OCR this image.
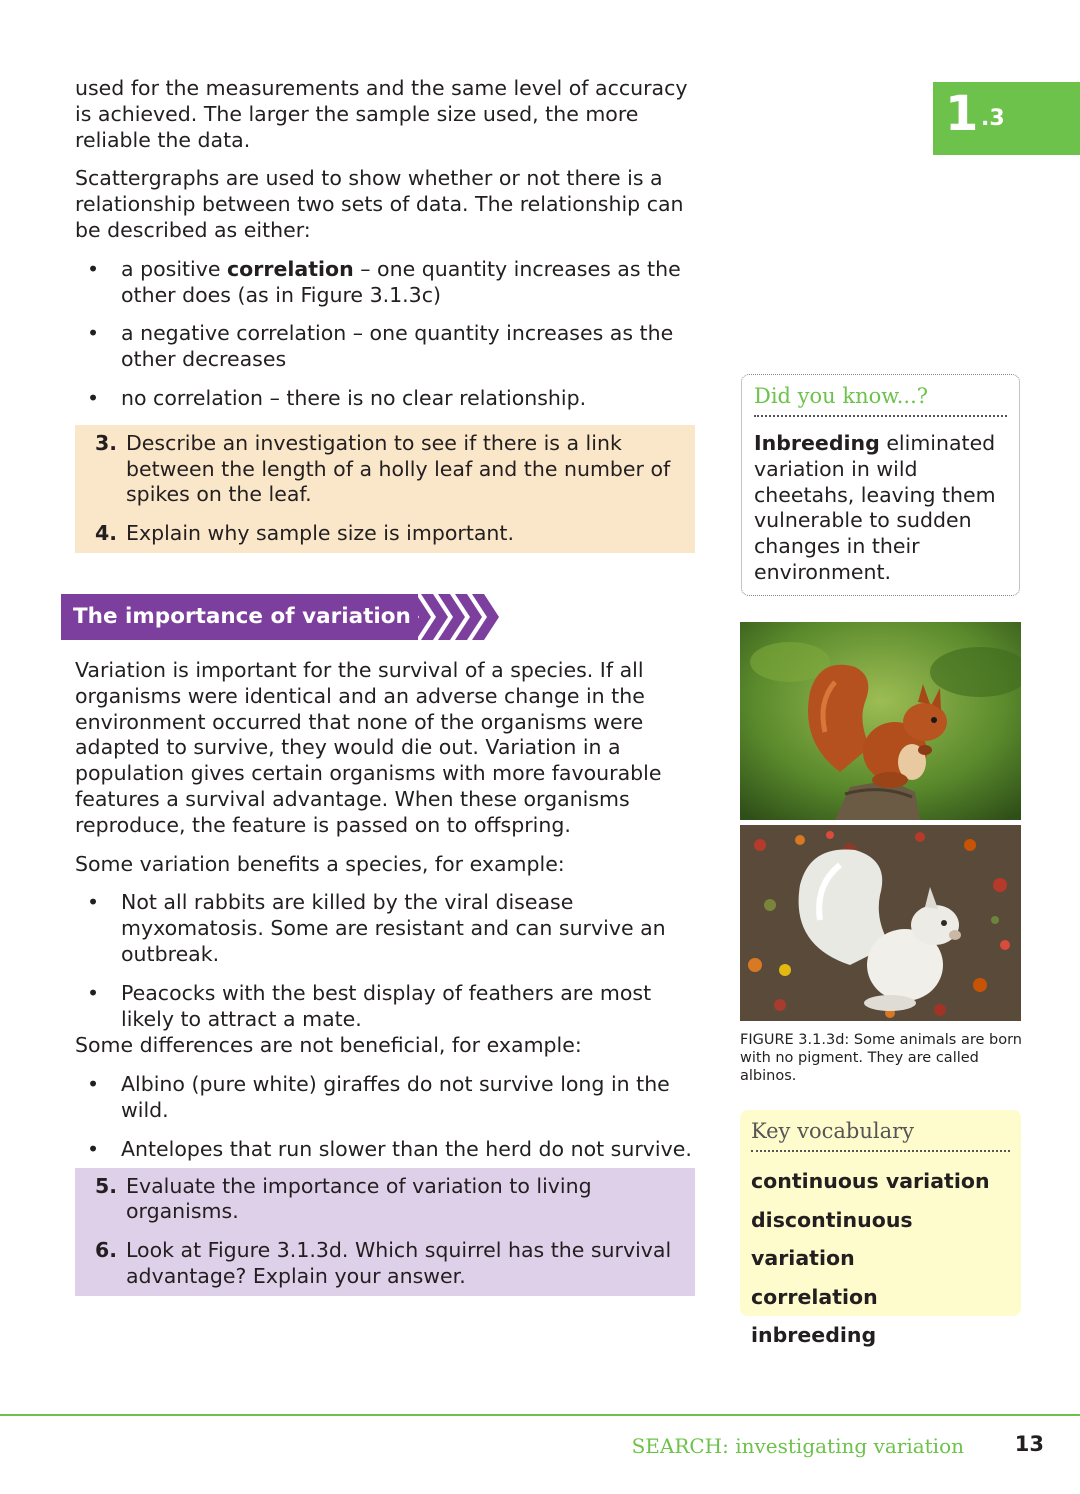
1 .3

used for the measurements and the same level of accuracy is achieved. The larger the sample size used, the more reliable the data.

Scattergraphs are used to show whether or not there is a relationship between two sets of data. The relationship can be described as either:

• a positive correlation – one quantity increases as the other does (as in Figure 3.1.3c)
• a negative correlation – one quantity increases as the other decreases
• no correlation – there is no clear relationship.
3. Describe an investigation to see if there is a link between the length of a holly leaf and the number of spikes on the leaf.
4. Explain why sample size is important.
The importance of variation

Variation is important for the survival of a species. If all organisms were identical and an adverse change in the environment occurred that none of the organisms were adapted to survive, they would die out. Variation in a population gives certain organisms with more favourable features a survival advantage. When these organisms reproduce, the feature is passed on to offspring.

Some variation benefits a species, for example:

• Not all rabbits are killed by the viral disease myxomatosis. Some are resistant and can survive an outbreak.
• Peacocks with the best display of feathers are most likely to attract a mate.

Some differences are not beneficial, for example:

• Albino (pure white) giraffes do not survive long in the wild.
• Antelopes that run slower than the herd do not survive.
5. Evaluate the importance of variation to living organisms.
6. Look at Figure 3.1.3d. Which squirrel has the survival advantage? Explain your answer.
Did you know...?
Inbreeding eliminated variation in wild cheetahs, leaving them vulnerable to sudden changes in their environment.
FIGURE 3.1.3d: Some animals are born with no pigment. They are called albinos.
Key vocabulary
continuous variation
discontinuous variation
correlation
inbreeding
SEARCH: investigating variation 13
